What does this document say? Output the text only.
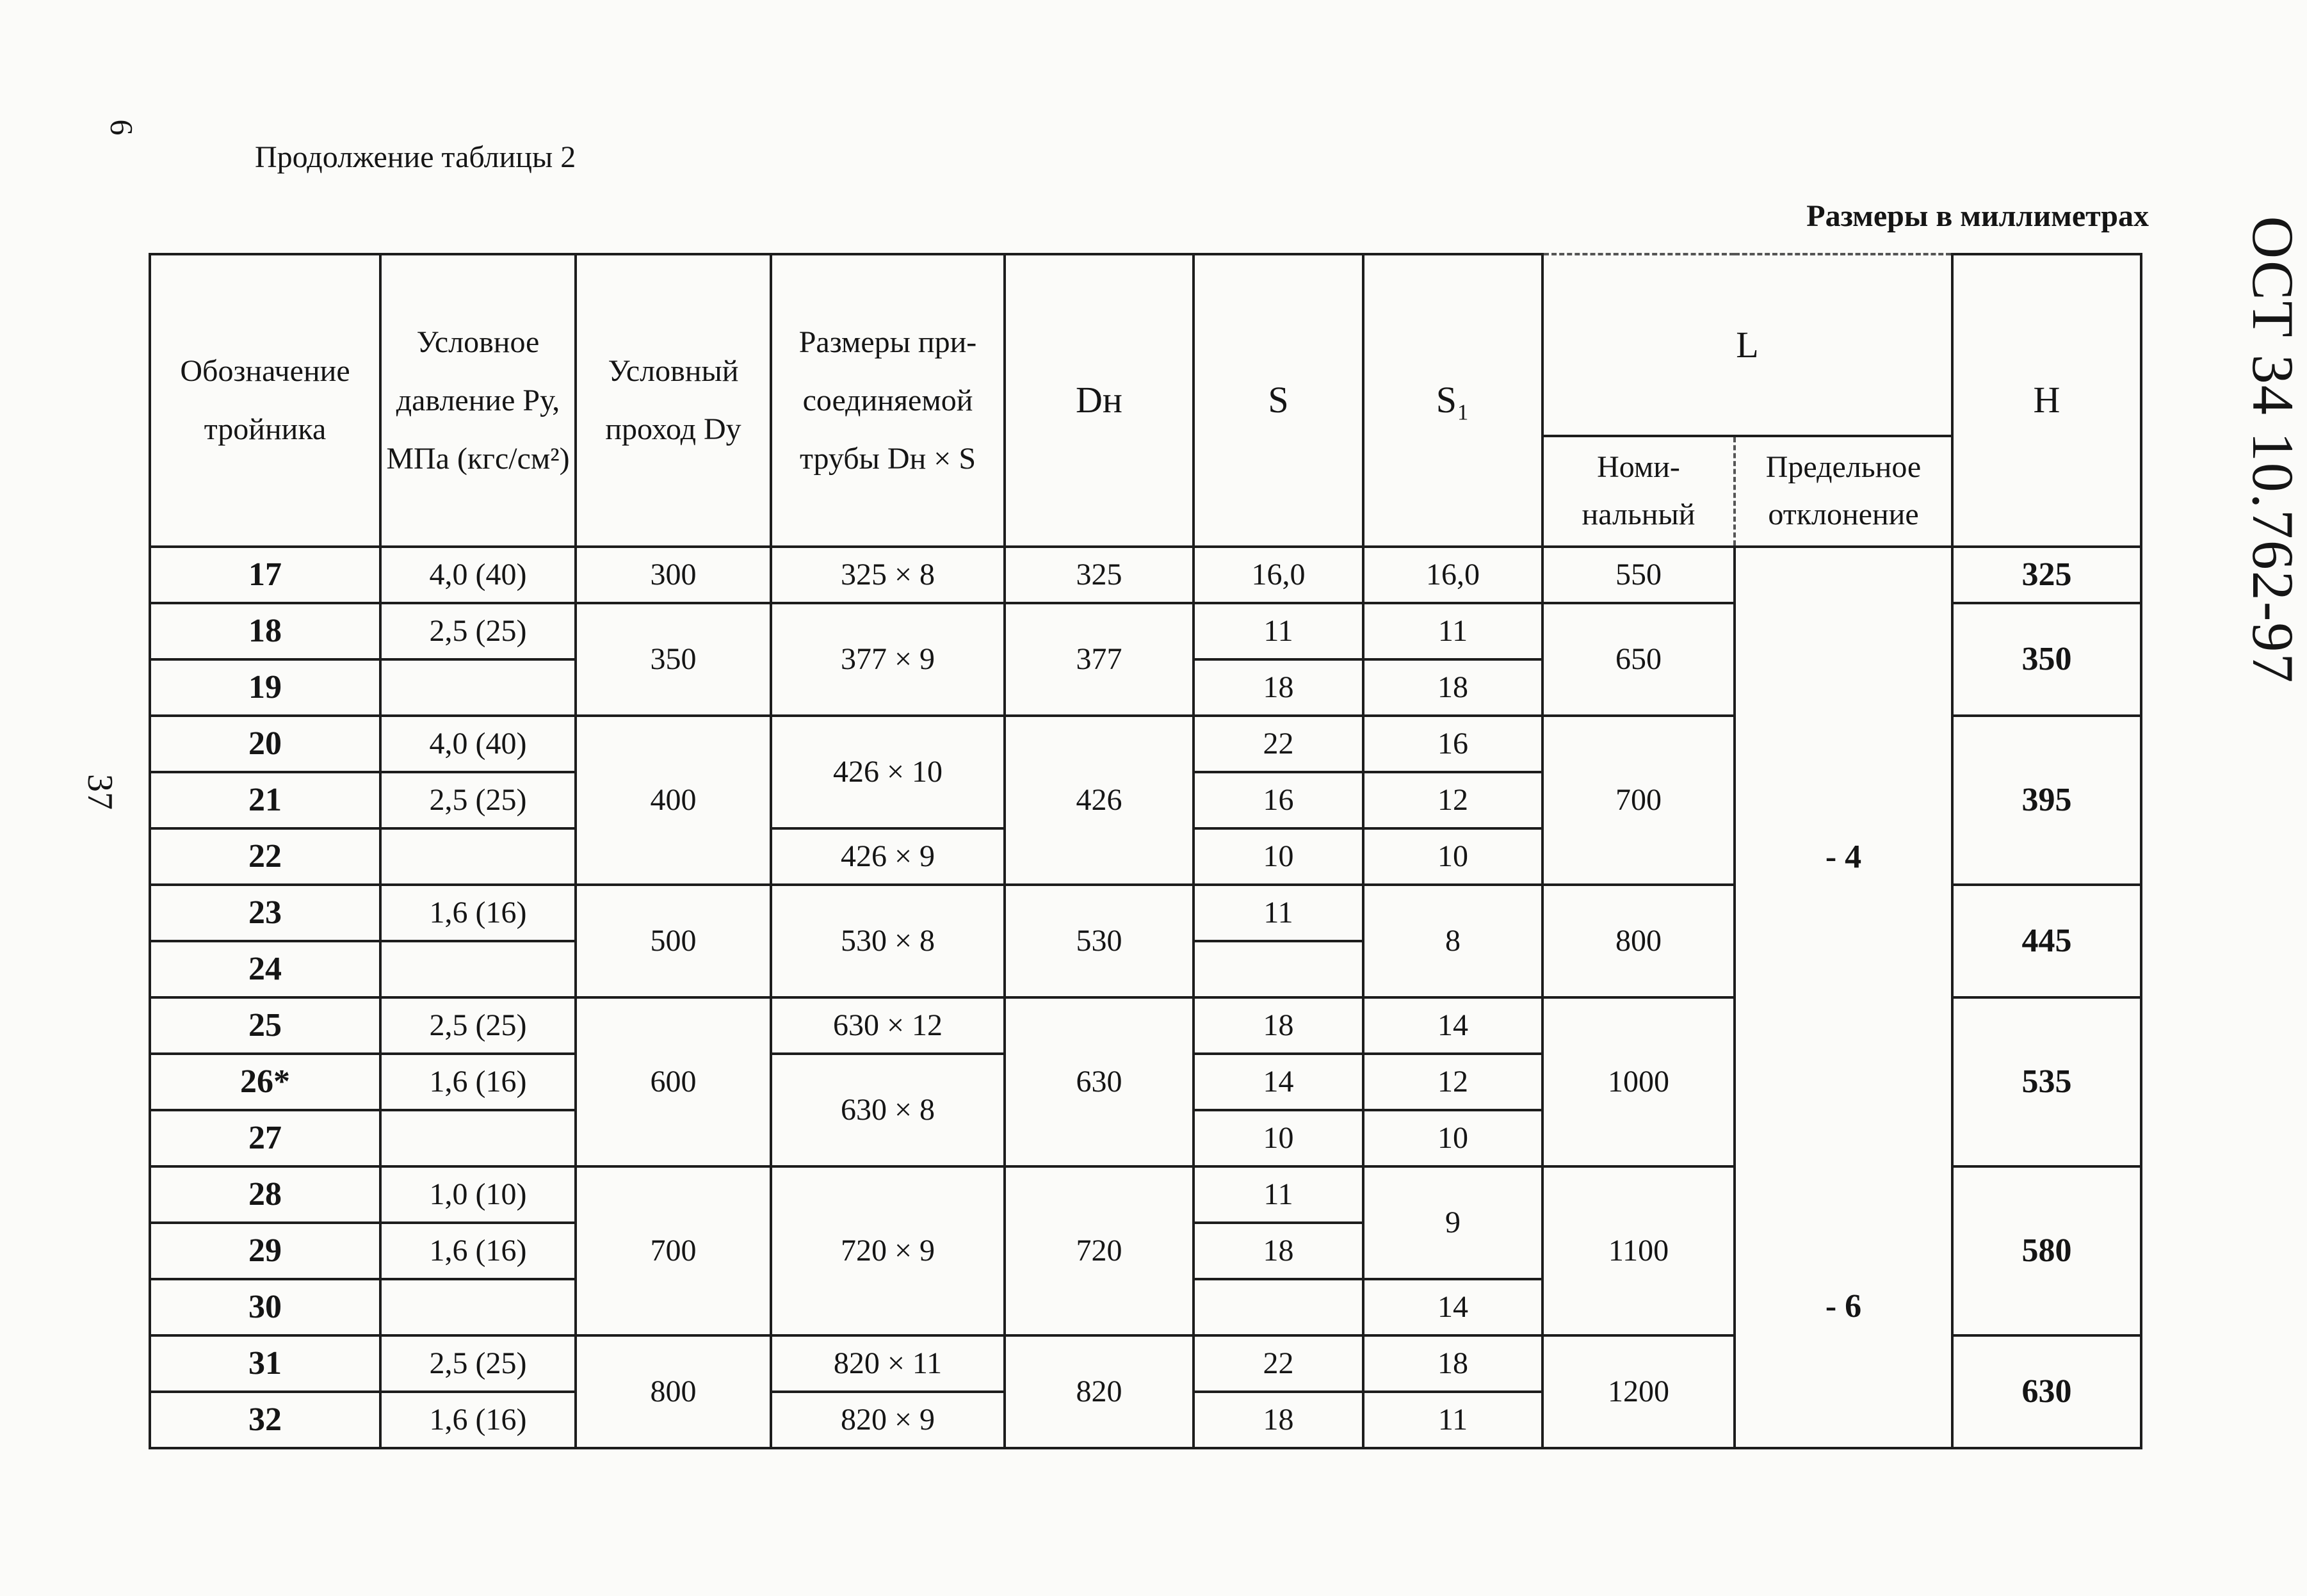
6
37
ОСТ 34 10.762-97
Продолжение таблицы 2
Размеры в миллиметрах
Обозначение тройника	Условное давление Ру, МПа (кгс/см²)	Условный проход Dy	Размеры при-соединяемой трубы Dн × S	Dн	S	S₁	L		H
							Номи-нальный	Предельное отклонение	
17	4,0 (40)	300	325 × 8	325	16,0	16,0	550	- 4	325
18	2,5 (25)	350	377 × 9	377	11	11	650		350
19					18	18			
20	4,0 (40)	400	426 × 10	426	22	16	700		395
21	2,5 (25)				16	12			
22			426 × 9		10	10			
23	1,6 (16)	500	530 × 8	530	11	8	800		445
24									
25	2,5 (25)	600	630 × 12	630	18	14	1000		535
26*	1,6 (16)		630 × 8		14	12			
27					10	10			
28	1,0 (10)	700	720 × 9	720	11	9	1100	- 6	580
29	1,6 (16)				18				
30						14			
31	2,5 (25)	800	820 × 11	820	22	18	1200		630
32	1,6 (16)		820 × 9		18	11			
